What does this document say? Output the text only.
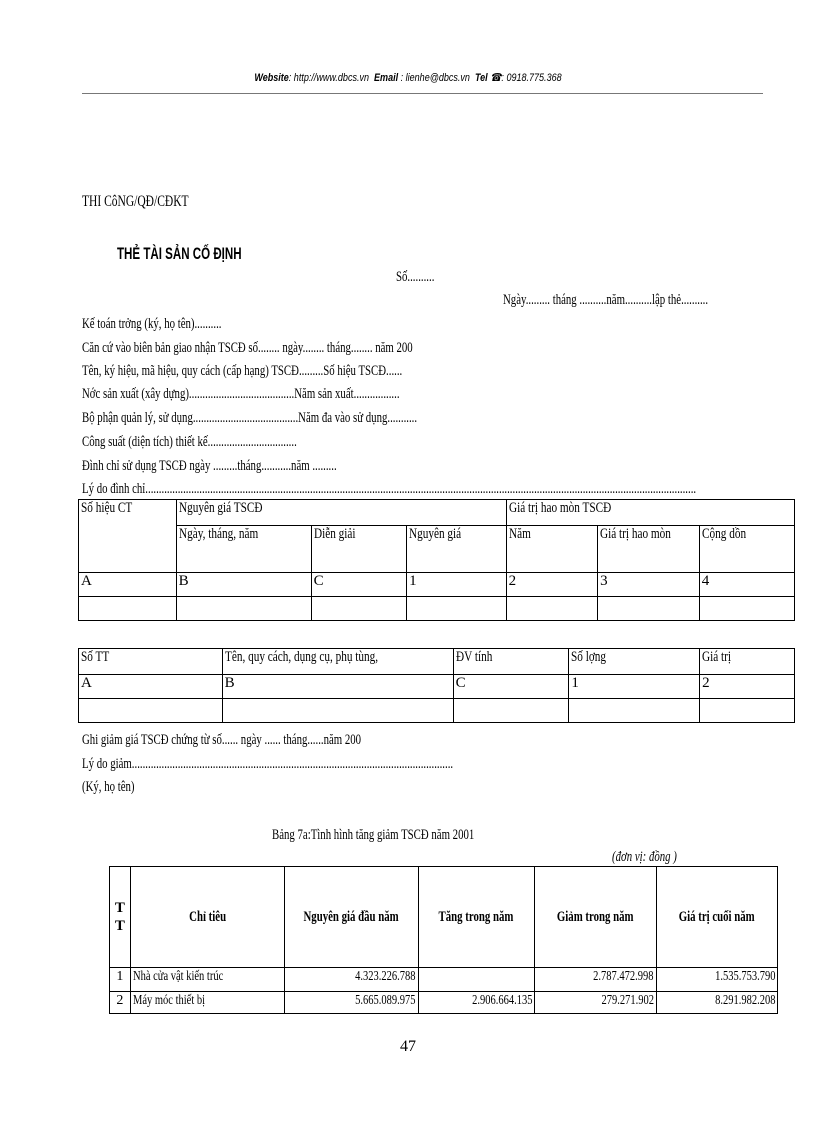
Website: http://www.dbcs.vn Email : lienhe@dbcs.vn Tel ☎: 0918.775.368
THI CôNG/QĐ/CĐKT
THẺ TÀI SẢN CỐ ĐỊNH
Số..........
Ngày......... tháng ..........năm..........lập thẻ..........
Kế toán trởng (ký, họ tên)..........
Căn cứ vào biên bản giao nhận TSCĐ số........ ngày........ tháng........ năm 200
Tên, ký hiệu, mã hiệu, quy cách (cấp hạng) TSCĐ.........Số hiệu TSCĐ......
Nớc sản xuất (xây dựng).......................................Năm sản xuất.................
Bộ phận quản lý, sử dụng.......................................Năm đa vào sử dụng...........
Công suất (diện tích) thiết kế.................................
Đình chỉ sử dụng TSCĐ ngày .........tháng...........năm .........
Lý do đình chỉ............................................................................................................................................................................................................
Số hiệu CT	Nguyên giá TSCĐ			Giá trị hao mòn TSCĐ		
	Ngày, tháng, năm	Diễn giải	Nguyên giá	Năm	Giá trị hao mòn	Cộng dồn
A	B	C	1	2	3	4

Số TT	Tên, quy cách, dụng cụ, phụ tùng,	ĐV tính	Số lợng	Giá trị
A	B	C	1	2

Ghi giảm giá TSCĐ chứng từ số...... ngày ...... tháng......năm 200
Lý do giảm.......................................................................................................................
(Ký, họ tên)
Bảng 7a:Tình hình tăng giảm TSCĐ năm 2001
(đơn vị: đồng )
TT	Chỉ tiêu	Nguyên giá đầu năm	Tăng trong năm	Giảm trong năm	Giá trị cuối năm
1	Nhà cửa vật kiến trúc	4.323.226.788		2.787.472.998	1.535.753.790
2	Máy móc thiết bị	5.665.089.975	2.906.664.135	279.271.902	8.291.982.208
47
